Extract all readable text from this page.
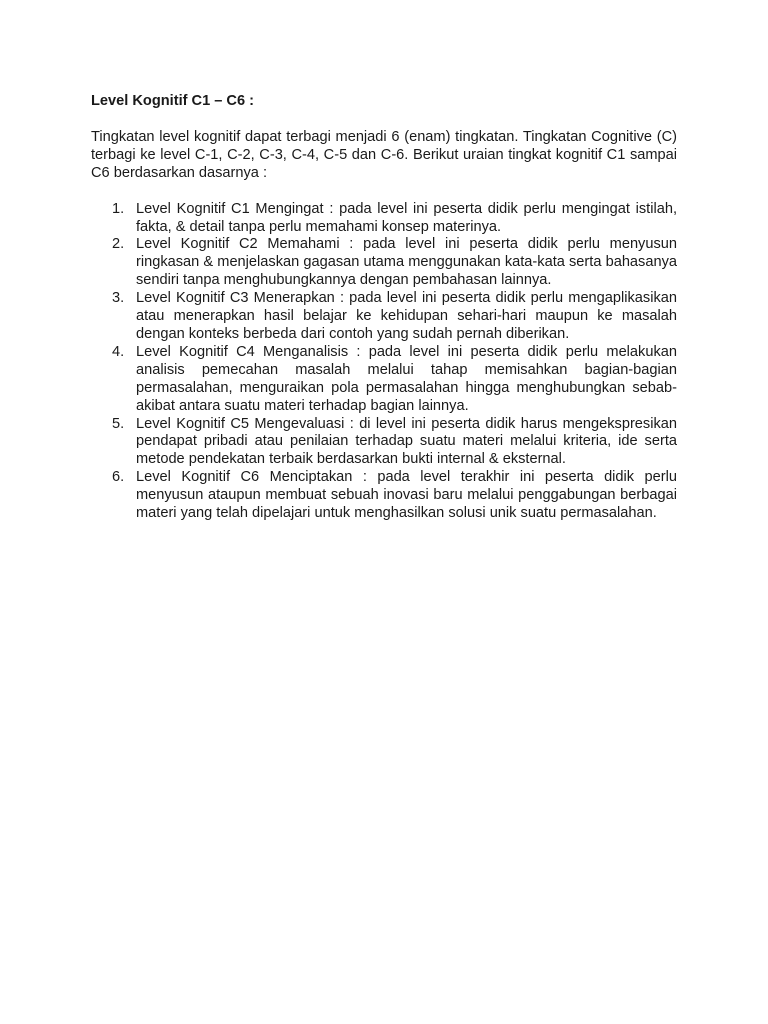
Level Kognitif C1 – C6 :

Tingkatan level kognitif dapat terbagi menjadi 6 (enam) tingkatan. Tingkatan Cognitive (C) terbagi ke level C-1, C-2, C-3, C-4, C-5 dan C-6. Berikut uraian tingkat kognitif C1 sampai C6 berdasarkan dasarnya :

1. Level Kognitif C1 Mengingat : pada level ini peserta didik perlu mengingat istilah, fakta, & detail tanpa perlu memahami konsep materinya.
2. Level Kognitif C2 Memahami : pada level ini peserta didik perlu menyusun ringkasan & menjelaskan gagasan utama menggunakan kata-kata serta bahasanya sendiri tanpa menghubungkannya dengan pembahasan lainnya.
3. Level Kognitif C3 Menerapkan : pada level ini peserta didik perlu mengaplikasikan atau menerapkan hasil belajar ke kehidupan sehari-hari maupun ke masalah dengan konteks berbeda dari contoh yang sudah pernah diberikan.
4. Level Kognitif C4 Menganalisis : pada level ini peserta didik perlu melakukan analisis pemecahan masalah melalui tahap memisahkan bagian-bagian permasalahan, menguraikan pola permasalahan hingga menghubungkan sebab-akibat antara suatu materi terhadap bagian lainnya.
5. Level Kognitif C5 Mengevaluasi : di level ini peserta didik harus mengekspresikan pendapat pribadi atau penilaian terhadap suatu materi melalui kriteria, ide serta metode pendekatan terbaik berdasarkan bukti internal & eksternal.
6. Level Kognitif C6 Menciptakan : pada level terakhir ini peserta didik perlu menyusun ataupun membuat sebuah inovasi baru melalui penggabungan berbagai materi yang telah dipelajari untuk menghasilkan solusi unik suatu permasalahan.
